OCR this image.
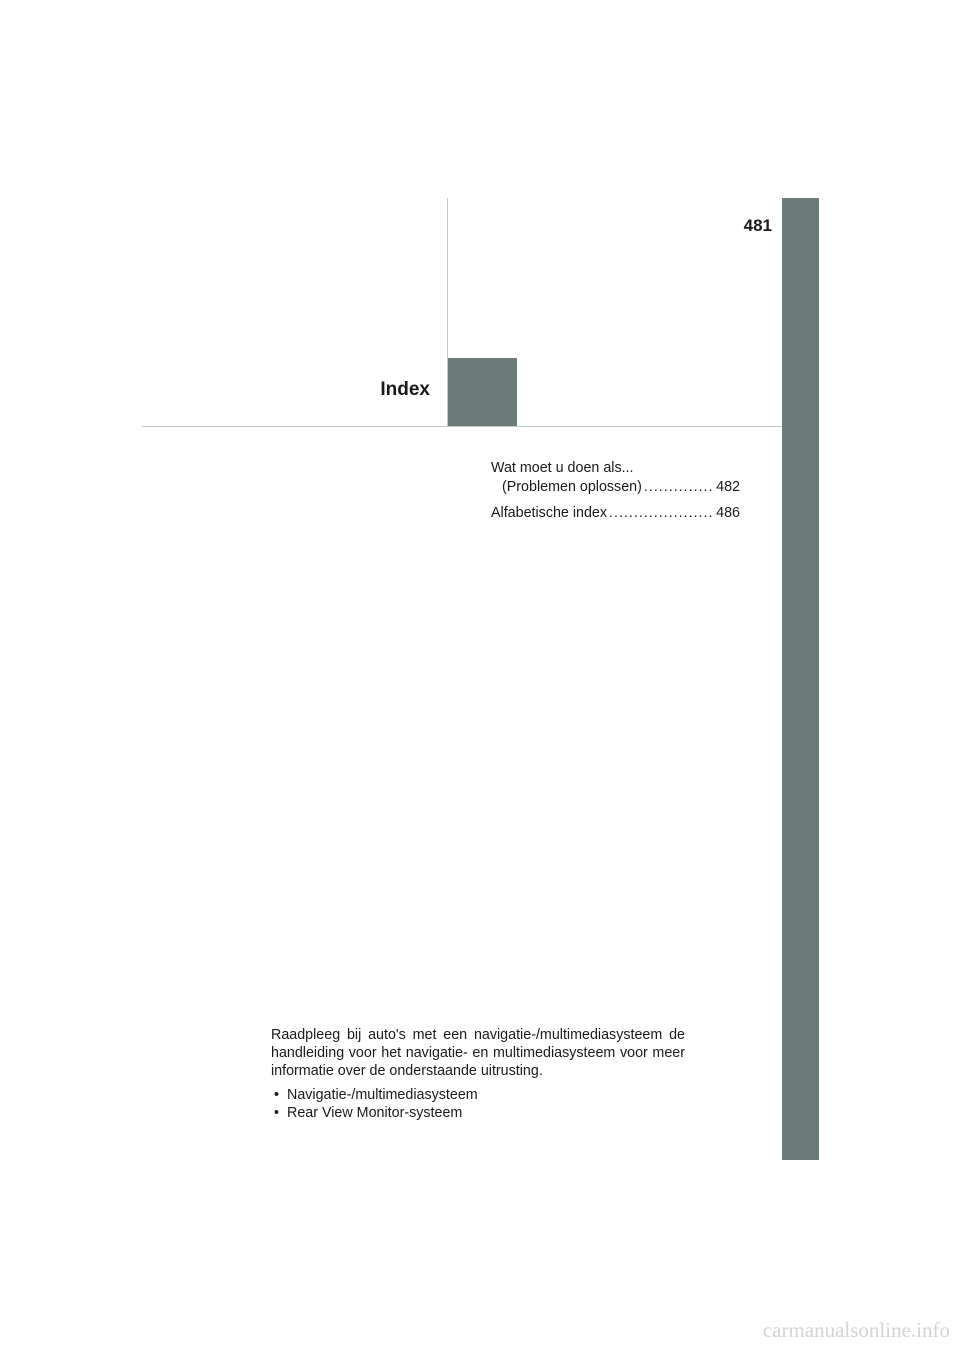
481
Index
Wat moet u doen als...
(Problemen oplossen) .....	482
Alfabetische index .....	486

Raadpleeg bij auto's met een navigatie-/multimediasysteem de handleiding voor het navigatie- en multimediasysteem voor meer informatie over de onderstaande uitrusting.

• Navigatie-/multimediasysteem
• Rear View Monitor-systeem
carmanualsonline.info
